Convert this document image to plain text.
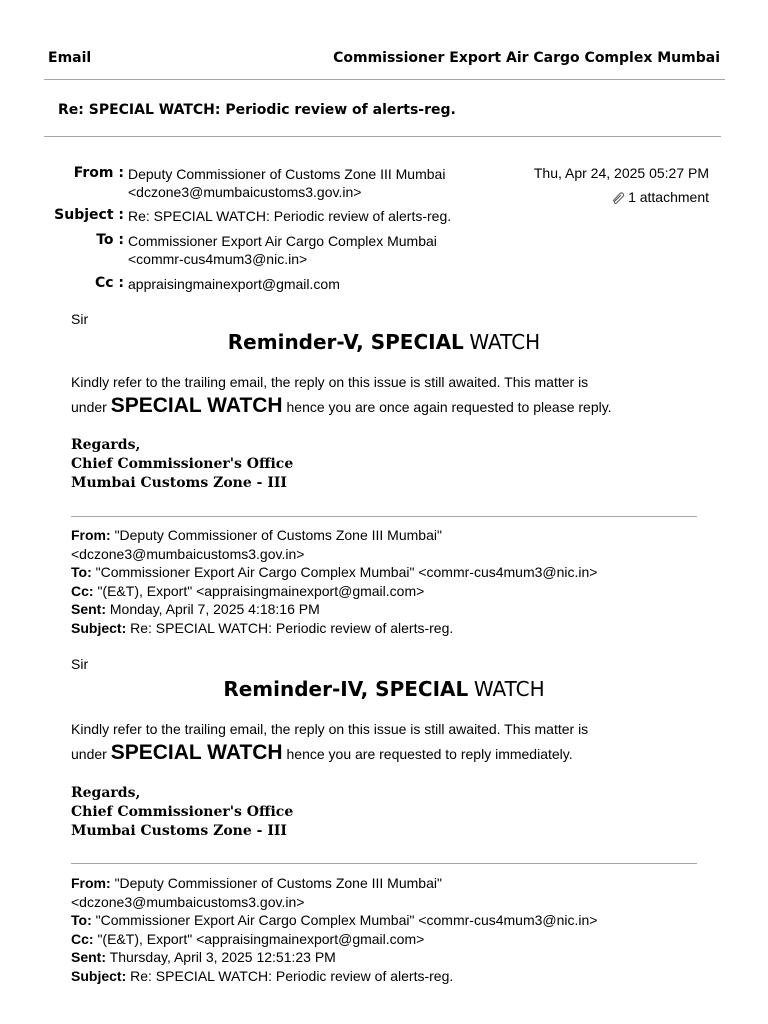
Email	Commissioner Export Air Cargo Complex Mumbai
Re: SPECIAL WATCH: Periodic review of alerts-reg.
From : Deputy Commissioner of Customs Zone III Mumbai
<dczone3@mumbaicustoms3.gov.in>
Subject : Re: SPECIAL WATCH: Periodic review of alerts-reg.
To : Commissioner Export Air Cargo Complex Mumbai
<commr-cus4mum3@nic.in>
Cc : appraisingmainexport@gmail.com
Thu, Apr 24, 2025 05:27 PM
1 attachment
Sir
Reminder-V, SPECIAL WATCH
Kindly refer to the trailing email, the reply on this issue is still awaited. This matter is
under SPECIAL WATCH hence you are once again requested to please reply.
Regards,
Chief Commissioner's Office
Mumbai Customs Zone - III
From: "Deputy Commissioner of Customs Zone III Mumbai"
<dczone3@mumbaicustoms3.gov.in>
To: "Commissioner Export Air Cargo Complex Mumbai" <commr-cus4mum3@nic.in>
Cc: "(E&T), Export" <appraisingmainexport@gmail.com>
Sent: Monday, April 7, 2025 4:18:16 PM
Subject: Re: SPECIAL WATCH: Periodic review of alerts-reg.
Sir
Reminder-IV, SPECIAL WATCH
Kindly refer to the trailing email, the reply on this issue is still awaited. This matter is
under SPECIAL WATCH hence you are requested to reply immediately.
Regards,
Chief Commissioner's Office
Mumbai Customs Zone - III
From: "Deputy Commissioner of Customs Zone III Mumbai"
<dczone3@mumbaicustoms3.gov.in>
To: "Commissioner Export Air Cargo Complex Mumbai" <commr-cus4mum3@nic.in>
Cc: "(E&T), Export" <appraisingmainexport@gmail.com>
Sent: Thursday, April 3, 2025 12:51:23 PM
Subject: Re: SPECIAL WATCH: Periodic review of alerts-reg.
